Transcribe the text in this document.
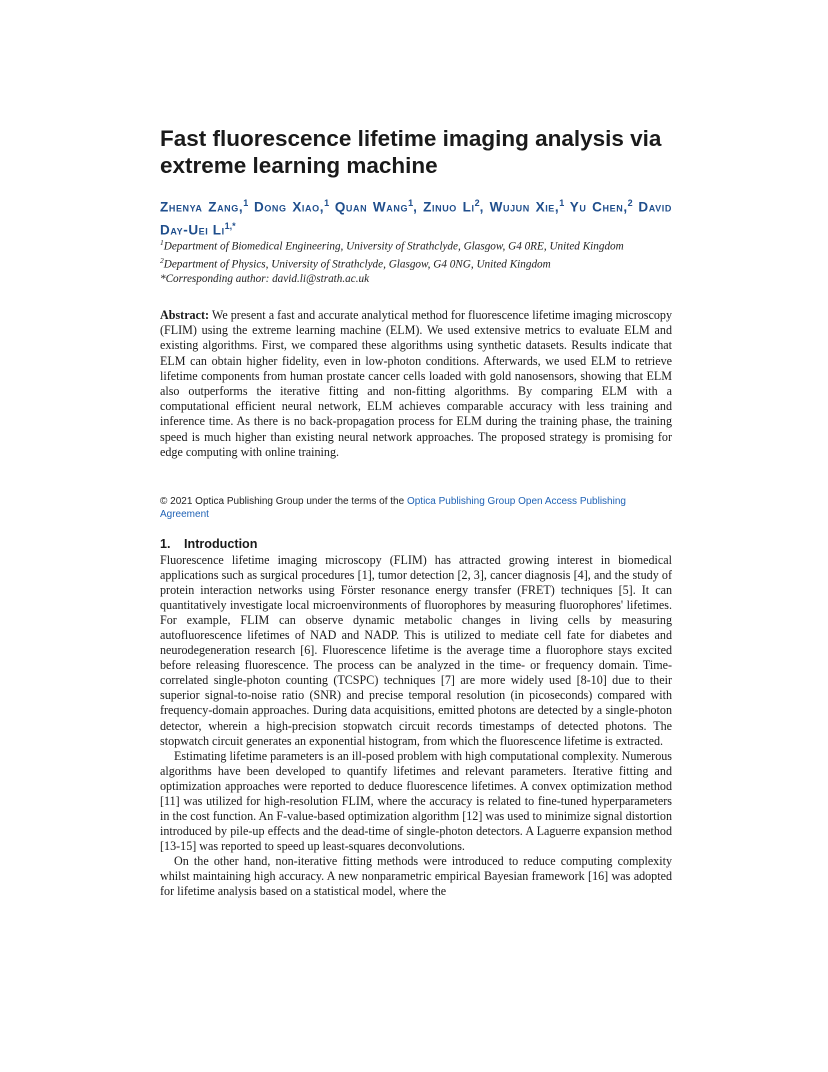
Fast fluorescence lifetime imaging analysis via extreme learning machine
Zhenya Zang,$^1$ Dong Xiao,$^1$ Quan Wang$^1$, Zinuo Li$^2$, Wujun Xie,$^1$ Yu Chen,$^2$ David Day-Uei $Li^{1,*}$
$^1$Department of Biomedical Engineering, University of Strathclyde, Glasgow, G4 0RE, United Kingdom
$^2$Department of Physics, University of Strathclyde, Glasgow, G4 0NG, United Kingdom
*Corresponding author: david.li@strath.ac.uk

Abstract: We present a fast and accurate analytical method for fluorescence lifetime imaging microscopy (FLIM) using the extreme learning machine (ELM). We used extensive metrics to evaluate ELM and existing algorithms. First, we compared these algorithms using synthetic datasets. Results indicate that ELM can obtain higher fidelity, even in low-photon conditions. Afterwards, we used ELM to retrieve lifetime components from human prostate cancer cells loaded with gold nanosensors, showing that ELM also outperforms the iterative fitting and non-fitting algorithms. By comparing ELM with a computational efficient neural network, ELM achieves comparable accuracy with less training and inference time. As there is no back-propagation process for ELM during the training phase, the training speed is much higher than existing neural network approaches. The proposed strategy is promising for edge computing with online training.

© 2021 Optica Publishing Group under the terms of the Optica Publishing Group Open Access Publishing Agreement
1. Introduction

Fluorescence lifetime imaging microscopy (FLIM) has attracted growing interest in biomedical applications such as surgical procedures [1], tumor detection [2, 3], cancer diagnosis [4], and the study of protein interaction networks using Förster resonance energy transfer (FRET) techniques [5]. It can quantitatively investigate local microenvironments of fluorophores by measuring fluorophores' lifetimes. For example, FLIM can observe dynamic metabolic changes in living cells by measuring autofluorescence lifetimes of NAD and NADP. This is utilized to mediate cell fate for diabetes and neurodegeneration research [6]. Fluorescence lifetime is the average time a fluorophore stays excited before releasing fluorescence. The process can be analyzed in the time- or frequency domain. Time-correlated single-photon counting (TCSPC) techniques [7] are more widely used [8-10] due to their superior signal-to-noise ratio (SNR) and precise temporal resolution (in picoseconds) compared with frequency-domain approaches. During data acquisitions, emitted photons are detected by a single-photon detector, wherein a high-precision stopwatch circuit records timestamps of detected photons. The stopwatch circuit generates an exponential histogram, from which the fluorescence lifetime is extracted.

Estimating lifetime parameters is an ill-posed problem with high computational complexity. Numerous algorithms have been developed to quantify lifetimes and relevant parameters. Iterative fitting and optimization approaches were reported to deduce fluorescence lifetimes. A convex optimization method [11] was utilized for high-resolution FLIM, where the accuracy is related to fine-tuned hyperparameters in the cost function. An F-value-based optimization algorithm [12] was used to minimize signal distortion introduced by pile-up effects and the dead-time of single-photon detectors. A Laguerre expansion method [13-15] was reported to speed up least-squares deconvolutions.

On the other hand, non-iterative fitting methods were introduced to reduce computing complexity whilst maintaining high accuracy. A new nonparametric empirical Bayesian framework [16] was adopted for lifetime analysis based on a statistical model, where the
